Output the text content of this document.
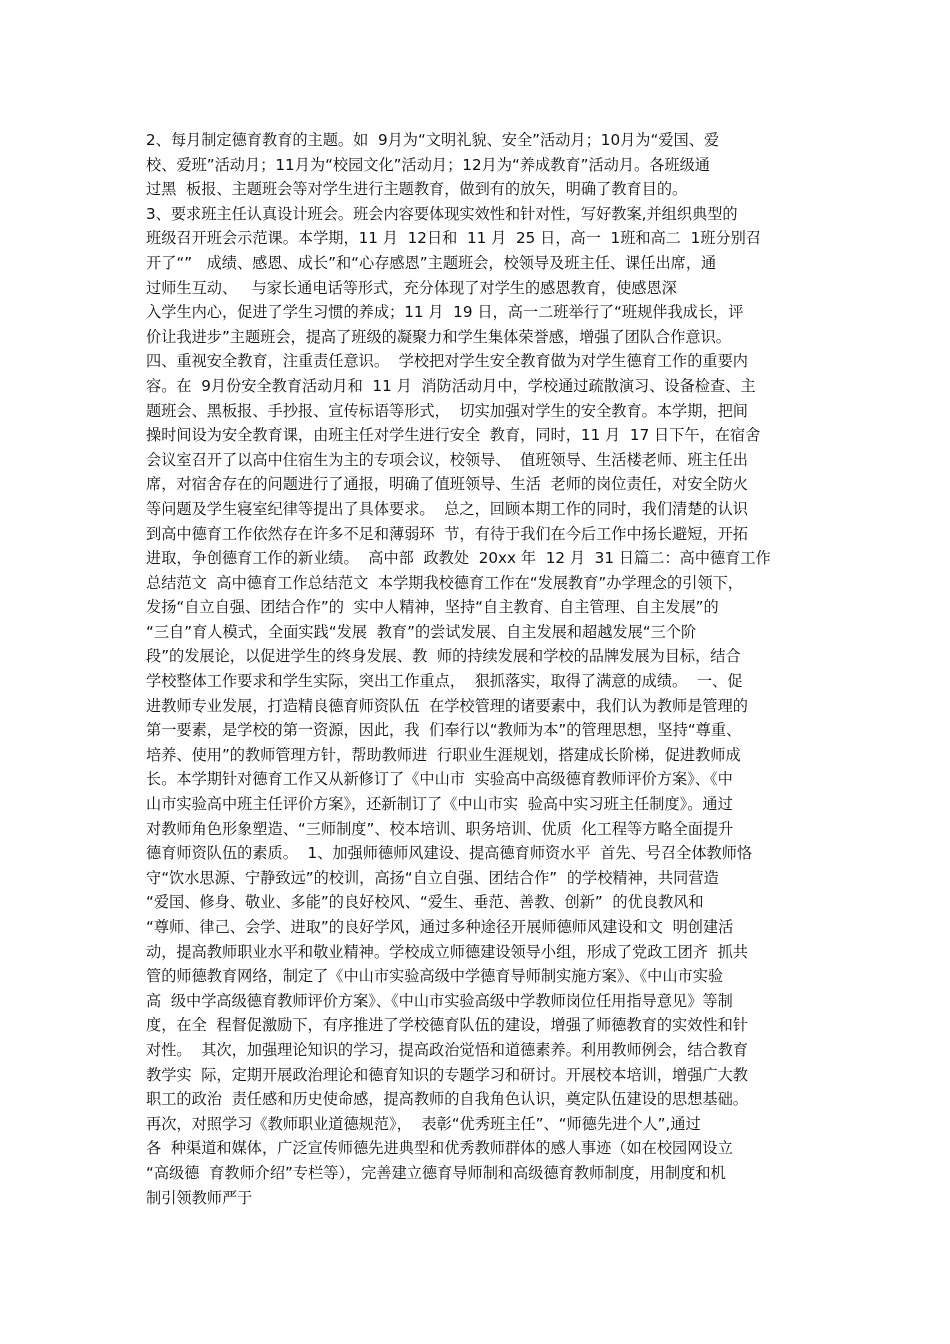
2、每月制定德育教育的主题。如  9月为“文明礼貌、安全”活动月；10月为“爱国、爱
校、爱班”活动月；11月为“校园文化”活动月；12月为“养成教育”活动月。各班级通
过黑  板报、主题班会等对学生进行主题教育，做到有的放矢，明确了教育目的。
3、要求班主任认真设计班会。班会内容要体现实效性和针对性，写好教案,并组织典型的
班级召开班会示范课。本学期，11 月  12日和  11 月  25 日，高一  1班和高二  1班分别召
开了“”   成绩、感恩、成长”和“心存感恩”主题班会，校领导及班主任、课任出席，通
过师生互动、   与家长通电话等形式，充分体现了对学生的感恩教育，使感恩深
入学生内心，促进了学生习惯的养成；11 月  19 日，高一二班举行了“班规伴我成长，评
价让我进步”主题班会，提高了班级的凝聚力和学生集体荣誉感，增强了团队合作意识。
四、重视安全教育，注重责任意识。  学校把对学生安全教育做为对学生德育工作的重要内
容。在  9月份安全教育活动月和  11 月  消防活动月中，学校通过疏散演习、设备检查、主
题班会、黑板报、手抄报、宣传标语等形式，  切实加强对学生的安全教育。本学期，把间
操时间设为安全教育课，由班主任对学生进行安全  教育，同时，11 月  17 日下午，在宿舍
会议室召开了以高中住宿生为主的专项会议，校领导、  值班领导、生活楼老师、班主任出
席，对宿舍存在的问题进行了通报，明确了值班领导、生活  老师的岗位责任，对安全防火
等问题及学生寝室纪律等提出了具体要求。  总之，回顾本期工作的同时，我们清楚的认识
到高中德育工作依然存在许多不足和薄弱环  节，有待于我们在今后工作中扬长避短，开拓
进取，争创德育工作的新业绩。  高中部  政教处  20xx 年  12 月  31 日篇二：高中德育工作
总结范文  高中德育工作总结范文  本学期我校德育工作在“发展教育”办学理念的引领下，
发扬“自立自强、团结合作”的  实中人精神，坚持“自主教育、自主管理、自主发展”的
“三自”育人模式，全面实践“发展  教育”的尝试发展、自主发展和超越发展“三个阶
段”的发展论，以促进学生的终身发展、教  师的持续发展和学校的品牌发展为目标，结合
学校整体工作要求和学生实际，突出工作重点，  狠抓落实，取得了满意的成绩。  一、促
进教师专业发展，打造精良德育师资队伍  在学校管理的诸要素中，我们认为教师是管理的
第一要素，是学校的第一资源，因此，我  们奉行以“教师为本”的管理思想，坚持“尊重、
培养、使用”的教师管理方针，帮助教师进  行职业生涯规划，搭建成长阶梯，促进教师成
长。本学期针对德育工作又从新修订了《中山市  实验高中高级德育教师评价方案》、《中
山市实验高中班主任评价方案》，还新制订了《中山市实  验高中实习班主任制度》。通过
对教师角色形象塑造、“三师制度”、校本培训、职务培训、优质  化工程等方略全面提升
德育师资队伍的素质。  1、加强师德师风建设、提高德育师资水平  首先、号召全体教师恪
守“饮水思源、宁静致远”的校训，高扬“自立自强、团结合作”  的学校精神，共同营造
“爱国、修身、敬业、多能”的良好校风、“爱生、垂范、善教、创新”  的优良教风和
“尊师、律己、会学、进取”的良好学风，通过多种途径开展师德师风建设和文  明创建活
动，提高教师职业水平和敬业精神。学校成立师德建设领导小组，形成了党政工团齐  抓共
管的师德教育网络，制定了《中山市实验高级中学德育导师制实施方案》、《中山市实验
高  级中学高级德育教师评价方案》、《中山市实验高级中学教师岗位任用指导意见》等制
度，在全  程督促激励下，有序推进了学校德育队伍的建设，增强了师德教育的实效性和针
对性。  其次，加强理论知识的学习，提高政治觉悟和道德素养。利用教师例会，结合教育
教学实  际，定期开展政治理论和德育知识的专题学习和研讨。开展校本培训，增强广大教
职工的政治  责任感和历史使命感，提高教师的自我角色认识，奠定队伍建设的思想基础。
再次，对照学习《教师职业道德规范》，  表彰“优秀班主任”、“师德先进个人”,通过
各  种渠道和媒体，广泛宣传师德先进典型和优秀教师群体的感人事迹（如在校园网设立
“高级德  育教师介绍”专栏等），完善建立德育导师制和高级德育教师制度，用制度和机
制引领教师严于
